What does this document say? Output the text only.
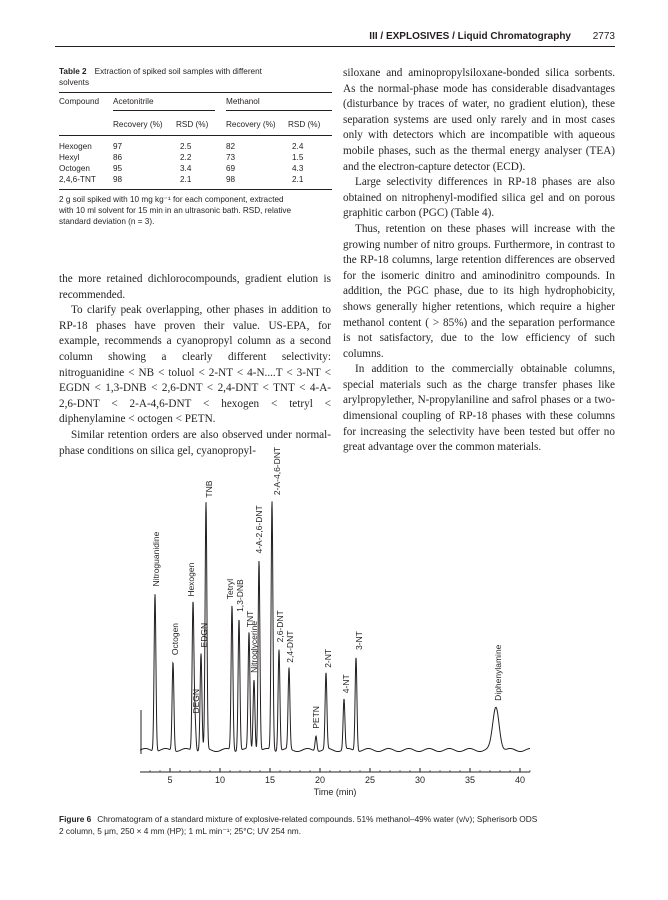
III / EXPLOSIVES / Liquid Chromatography 2773
Table 2 Extraction of spiked soil samples with different
solvents
Compound Acetonitrile	Methanol
Recovery (%) RSD (%) Recovery (%) RSD (%)
Hexogen	97	2.5	82	2.4
Hexyl	86	2.2	73	1.5
Octogen	95	3.4	69	4.3
2,4,6-TNT 98	2.1	98	2.1
2 g soil spiked with 10 mg kg⁻¹ for each component, extracted
with 10 ml solvent for 15 min in an ultrasonic bath. RSD, relative
standard deviation (n = 3).

the more retained dichlorocompounds, gradient elution is recommended.

To clarify peak overlapping, other phases in addition to RP-18 phases have proven their value. US-EPA, for example, recommends a cyanopropyl column as a second column showing a clearly different selectivity: nitroguanidine < NB < toluol < 2-NT < 4-N....T < 3-NT < EGDN < 1,3-DNB < 2,6-DNT < 2,4-DNT < TNT < 4-A-2,6-DNT < 2-A-4,6-DNT < hexogen < tetryl < diphenylamine < octogen < PETN.

Similar retention orders are also observed under normal-phase conditions on silica gel, cyanopropyl-

siloxane and aminopropylsiloxane-bonded silica sorbents. As the normal-phase mode has considerable disadvantages (disturbance by traces of water, no gradient elution), these separation systems are used only rarely and in most cases only with detectors which are incompatible with aqueous mobile phases, such as the thermal energy analyser (TEA) and the electron-capture detector (ECD).

Large selectivity differences in RP-18 phases are also obtained on nitrophenyl-modified silica gel and on porous graphitic carbon (PGC) (Table 4).

Thus, retention on these phases will increase with the growing number of nitro groups. Furthermore, in contrast to the RP-18 columns, large retention differences are observed for the isomeric dinitro and aminodinitro compounds. In addition, the PGC phase, due to its high hydrophobicity, shows generally higher retentions, which require a higher methanol content ( > 85%) and the separation performance is not satisfactory, due to the low efficiency of such columns.

In addition to the commercially obtainable columns, special materials such as the charge transfer phases like arylpropylether, N-propylaniline and safrol phases or a two-dimensional coupling of RP-18 phases with these columns for increasing the selectivity have been tested but offer no great advantage over the common materials.

Nitroguanidine
Octogen
Hexogen
DEGN
EDGN
TNB
Tetryl 1,3-DNB
TNT
Nitroglycerine
4-A-2,6-DNT
2-A-4,6-DNT
2,6-DNT
2,4-DNT
PETN
2-NT
4-NT
3-NT
Diphenylamine
5	10	15	20	25	30	35	40
Time (min)
Figure 6 Chromatogram of a standard mixture of explosive-related compounds. 51% methanol–49% water (v/v); Spherisorb ODS
2 column, 5 μm, 250 × 4 mm (HP); 1 mL min⁻¹; 25°C; UV 254 nm.
